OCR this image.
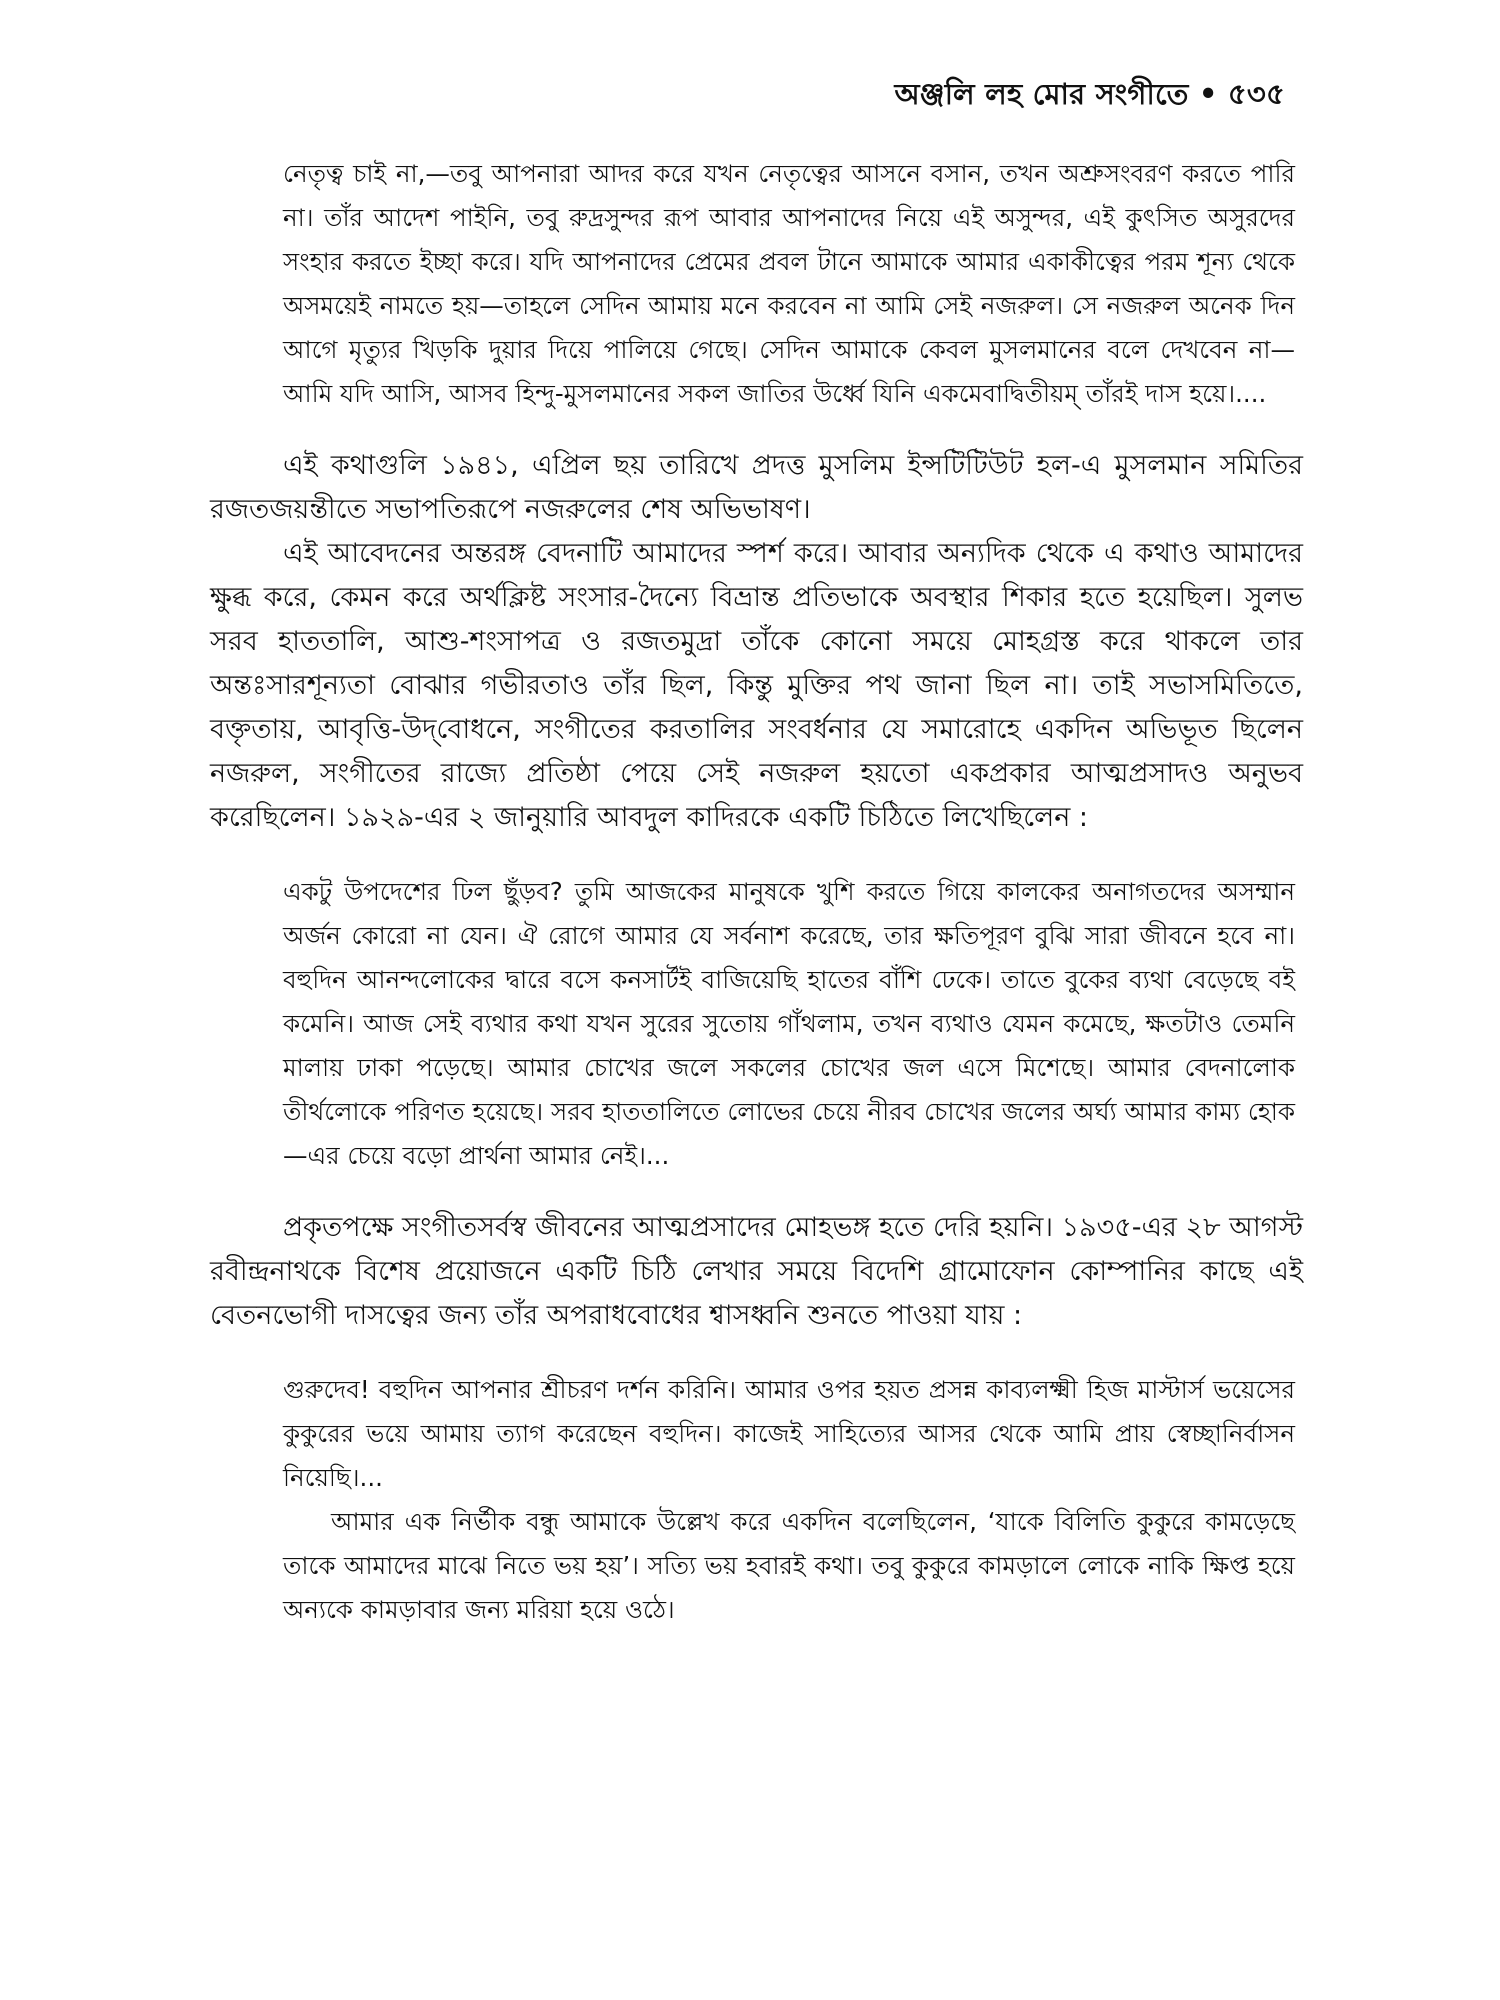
অঞ্জলি লহ মোর সংগীতে • ৫৩৫

নেতৃত্ব চাই না,—তবু আপনারা আদর করে যখন নেতৃত্বের আসনে বসান, তখন অশ্রুসংবরণ করতে পারি না। তাঁর আদেশ পাইনি, তবু রুদ্রসুন্দর রূপ আবার আপনাদের নিয়ে এই অসুন্দর, এই কুৎসিত অসুরদের সংহার করতে ইচ্ছা করে। যদি আপনাদের প্রেমের প্রবল টানে আমাকে আমার একাকীত্বের পরম শূন্য থেকে অসময়েই নামতে হয়—তাহলে সেদিন আমায় মনে করবেন না আমি সেই নজরুল। সে নজরুল অনেক দিন আগে মৃত্যুর খিড়কি দুয়ার দিয়ে পালিয়ে গেছে। সেদিন আমাকে কেবল মুসলমানের বলে দেখবেন না—আমি যদি আসি, আসব হিন্দু-মুসলমানের সকল জাতির উর্ধ্বে যিনি একমেবাদ্বিতীয়ম্ তাঁরই দাস হয়ে।....

এই কথাগুলি ১৯৪১, এপ্রিল ছয় তারিখে প্রদত্ত মুসলিম ইন্সটিটিউট হল-এ মুসলমান সমিতির রজতজয়ন্তীতে সভাপতিরূপে নজরুলের শেষ অভিভাষণ।

এই আবেদনের অন্তরঙ্গ বেদনাটি আমাদের স্পর্শ করে। আবার অন্যদিক থেকে এ কথাও আমাদের ক্ষুব্ধ করে, কেমন করে অর্থক্লিষ্ট সংসার-দৈন্যে বিভ্রান্ত প্রতিভাকে অবস্থার শিকার হতে হয়েছিল। সুলভ সরব হাততালি, আশু-শংসাপত্র ও রজতমুদ্রা তাঁকে কোনো সময়ে মোহগ্রস্ত করে থাকলে তার অন্তঃসারশূন্যতা বোঝার গভীরতাও তাঁর ছিল, কিন্তু মুক্তির পথ জানা ছিল না। তাই সভাসমিতিতে, বক্তৃতায়, আবৃত্তি-উদ্‌বোধনে, সংগীতের করতালির সংবর্ধনার যে সমারোহে একদিন অভিভূত ছিলেন নজরুল, সংগীতের রাজ্যে প্রতিষ্ঠা পেয়ে সেই নজরুল হয়তো একপ্রকার আত্মপ্রসাদও অনুভব করেছিলেন। ১৯২৯-এর ২ জানুয়ারি আবদুল কাদিরকে একটি চিঠিতে লিখেছিলেন :

একটু উপদেশের ঢিল ছুঁড়ব? তুমি আজকের মানুষকে খুশি করতে গিয়ে কালকের অনাগতদের অসম্মান অর্জন কোরো না যেন। ঐ রোগে আমার যে সর্বনাশ করেছে, তার ক্ষতিপূরণ বুঝি সারা জীবনে হবে না। বহুদিন আনন্দলোকের দ্বারে বসে কনসার্টই বাজিয়েছি হাতের বাঁশি ঢেকে। তাতে বুকের ব্যথা বেড়েছে বই কমেনি। আজ সেই ব্যথার কথা যখন সুরের সুতোয় গাঁথলাম, তখন ব্যথাও যেমন কমেছে, ক্ষতটাও তেমনি মালায় ঢাকা পড়েছে। আমার চোখের জলে সকলের চোখের জল এসে মিশেছে। আমার বেদনালোক তীর্থলোকে পরিণত হয়েছে। সরব হাততালিতে লোভের চেয়ে নীরব চোখের জলের অর্ঘ্য আমার কাম্য হোক—এর চেয়ে বড়ো প্রার্থনা আমার নেই।...

প্রকৃতপক্ষে সংগীতসর্বস্ব জীবনের আত্মপ্রসাদের মোহভঙ্গ হতে দেরি হয়নি। ১৯৩৫-এর ২৮ আগস্ট রবীন্দ্রনাথকে বিশেষ প্রয়োজনে একটি চিঠি লেখার সময়ে বিদেশি গ্রামোফোন কোম্পানির কাছে এই বেতনভোগী দাসত্বের জন্য তাঁর অপরাধবোধের শ্বাসধ্বনি শুনতে পাওয়া যায় :

গুরুদেব! বহুদিন আপনার শ্রীচরণ দর্শন করিনি। আমার ওপর হয়ত প্রসন্ন কাব্যলক্ষ্মী হিজ মাস্টার্স ভয়েসের কুকুরের ভয়ে আমায় ত্যাগ করেছেন বহুদিন। কাজেই সাহিত্যের আসর থেকে আমি প্রায় স্বেচ্ছানির্বাসন নিয়েছি।...

আমার এক নির্ভীক বন্ধু আমাকে উল্লেখ করে একদিন বলেছিলেন, ‘যাকে বিলিতি কুকুরে কামড়েছে তাকে আমাদের মাঝে নিতে ভয় হয়’। সত্যি ভয় হবারই কথা। তবু কুকুরে কামড়ালে লোকে নাকি ক্ষিপ্ত হয়ে অন্যকে কামড়াবার জন্য মরিয়া হয়ে ওঠে।
